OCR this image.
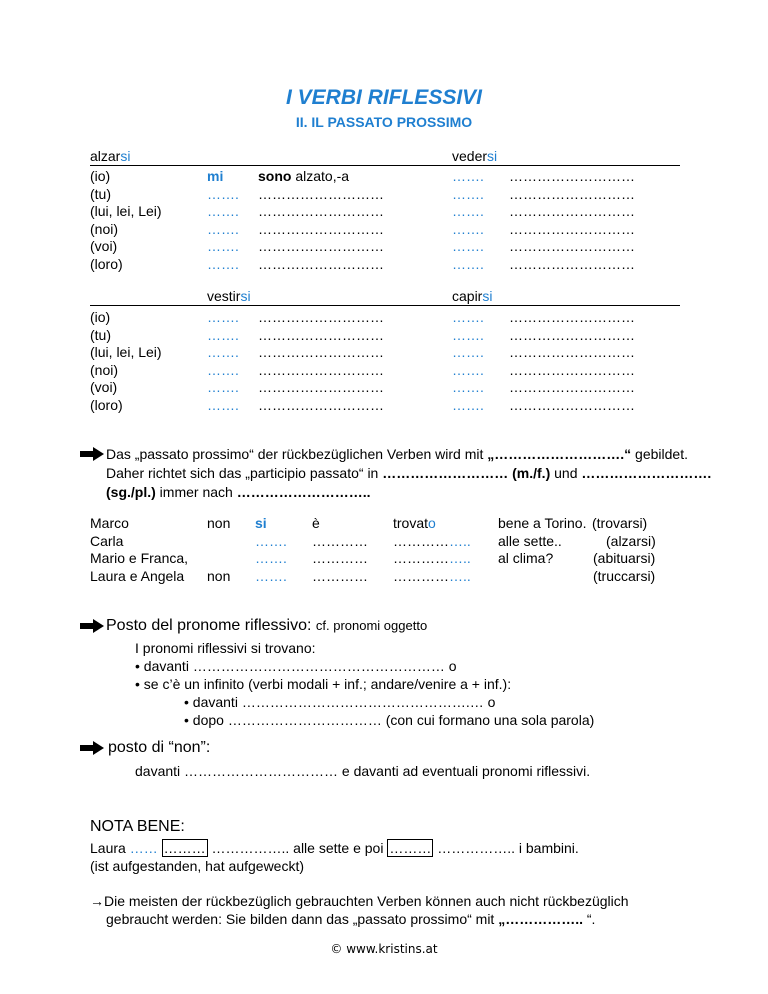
I VERBI RIFLESSIVI
II. IL PASSATO PROSSIMO
alzarsi	vedersi
(io)
(tu)
(lui, lei, Lei)
(noi)
(voi)
(loro)
mi
…….
…….
…….
…….
…….
sono alzato,-a
………………………
………………………
………………………
………………………
………………………
…….
…….
…….
…….
…….
…….
………………………
………………………
………………………
………………………
………………………
………………………
vestirsi	capirsi
(io)
(tu)
(lui, lei, Lei)
(noi)
(voi)
(loro)
…….
…….
…….
…….
…….
…….
………………………
………………………
………………………
………………………
………………………
………………………
…….
…….
…….
…….
…….
…….
………………………
………………………
………………………
………………………
………………………
………………………
Das „passato prossimo“ der rückbezüglichen Verben wird mit „……………………….“ gebildet.
Daher richtet sich das „participio passato“ in ……………………… (m./f.) und ……………………….
(sg./pl.) immer nach ………………………..
Marco
Carla
Mario e Franca,
Laura e Angela
non
non
si
…….
…….
…….
è
…………
…………
…………
trovato
……………..
……………..
……………..
bene a Torino.
alle sette..
al clima?
(trovarsi)
(alzarsi)
(abituarsi)
(truccarsi)
Posto del pronome riflessivo: cf. pronomi oggetto
I pronomi riflessivi si trovano:
• davanti ……………………………………………… o
• se c’è un infinito (verbi modali + inf.; andare/venire a + inf.):
• davanti ………………………………………….… o
• dopo …………………………… (con cui formano una sola parola)
posto di “non”:
davanti …………………………… e davanti ad eventuali pronomi riflessivi.
NOTA BENE:
Laura …… ……… …………….. alle sette e poi ……… …………….. i bambini.
(ist aufgestanden, hat aufgeweckt)
→Die meisten der rückbezüglich gebrauchten Verben können auch nicht rückbezüglich
gebraucht werden: Sie bilden dann das „passato prossimo“ mit „…………….. “.
© www.kristins.at
